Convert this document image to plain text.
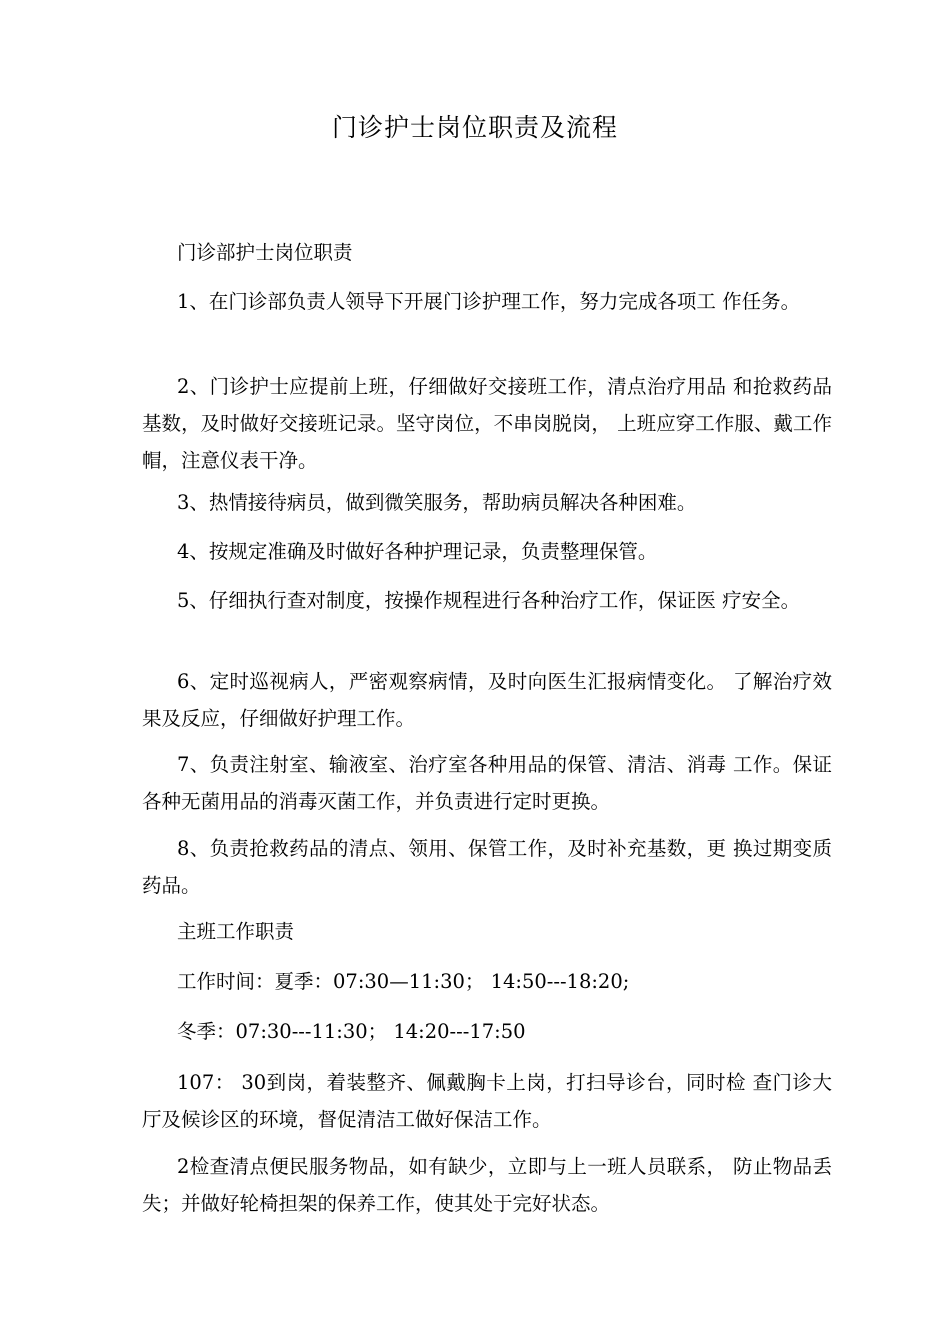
门诊护士岗位职责及流程

门诊部护士岗位职责

1、在门诊部负责人领导下开展门诊护理工作，努力完成各项工 作任务。

2、门诊护士应提前上班，仔细做好交接班工作，清点治疗用品 和抢救药品基数，及时做好交接班记录。坚守岗位，不串岗脱岗， 上班应穿工作服、戴工作帽，注意仪表干净。

3、热情接待病员，做到微笑服务，帮助病员解决各种困难。

4、按规定准确及时做好各种护理记录，负责整理保管。

5、仔细执行查对制度，按操作规程进行各种治疗工作，保证医 疗安全。

6、定时巡视病人，严密观察病情，及时向医生汇报病情变化。 了解治疗效果及反应，仔细做好护理工作。

7、负责注射室、输液室、治疗室各种用品的保管、清洁、消毒 工作。保证各种无菌用品的消毒灭菌工作，并负责进行定时更换。

8、负责抢救药品的清点、领用、保管工作，及时补充基数，更 换过期变质药品。

主班工作职责

工作时间：夏季：07:30—11:30； 14:50---18:20;

冬季：07:30---11:30； 14:20---17:50

107： 30到岗，着装整齐、佩戴胸卡上岗，打扫导诊台，同时检 查门诊大厅及候诊区的环境，督促清洁工做好保洁工作。

2检查清点便民服务物品，如有缺少，立即与上一班人员联系， 防止物品丢失；并做好轮椅担架的保养工作，使其处于完好状态。
